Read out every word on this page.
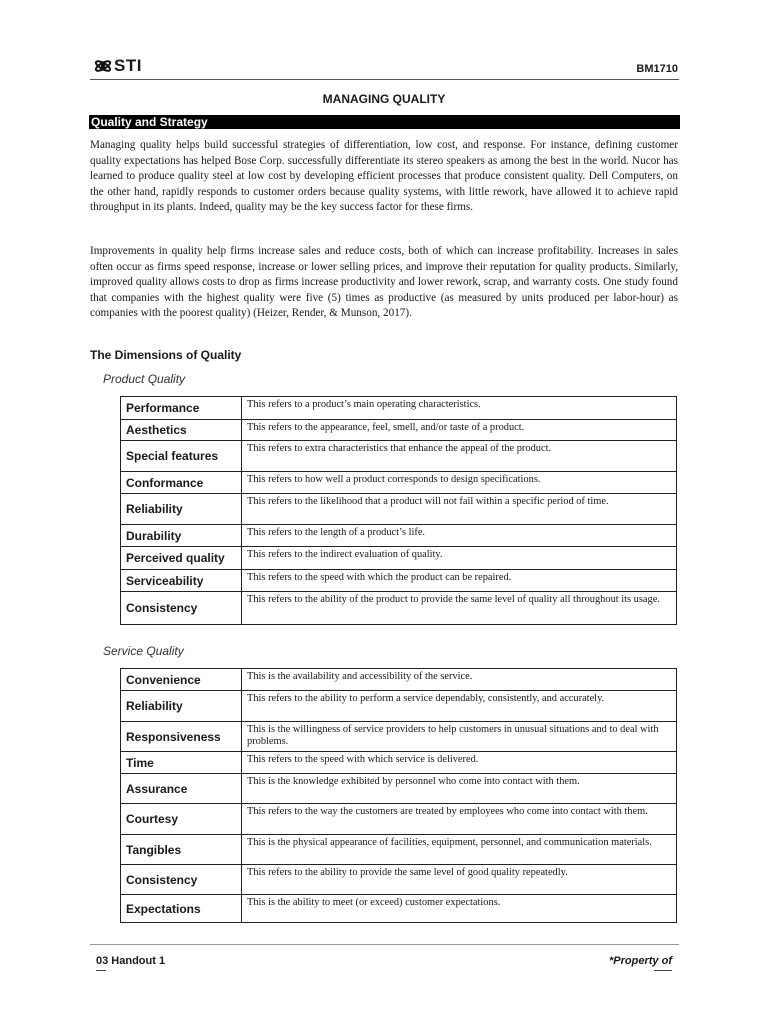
STI	BM1710
MANAGING QUALITY
Quality and Strategy

Managing quality helps build successful strategies of differentiation, low cost, and response. For instance, defining customer quality expectations has helped Bose Corp. successfully differentiate its stereo speakers as among the best in the world. Nucor has learned to produce quality steel at low cost by developing efficient processes that produce consistent quality. Dell Computers, on the other hand, rapidly responds to customer orders because quality systems, with little rework, have allowed it to achieve rapid throughput in its plants. Indeed, quality may be the key success factor for these firms.

Improvements in quality help firms increase sales and reduce costs, both of which can increase profitability. Increases in sales often occur as firms speed response, increase or lower selling prices, and improve their reputation for quality products. Similarly, improved quality allows costs to drop as firms increase productivity and lower rework, scrap, and warranty costs. One study found that companies with the highest quality were five (5) times as productive (as measured by units produced per labor-hour) as companies with the poorest quality) (Heizer, Render, & Munson, 2017).

The Dimensions of Quality
Product Quality
Performance	This refers to a product’s main operating characteristics.
Aesthetics	This refers to the appearance, feel, smell, and/or taste of a product.
Special features	This refers to extra characteristics that enhance the appeal of the product.
Conformance	This refers to how well a product corresponds to design specifications.
Reliability	This refers to the likelihood that a product will not fail within a specific period of time.
Durability	This refers to the length of a product’s life.
Perceived quality	This refers to the indirect evaluation of quality.
Serviceability	This refers to the speed with which the product can be repaired.
Consistency	This refers to the ability of the product to provide the same level of quality all throughout its usage.
Service Quality
Convenience	This is the availability and accessibility of the service.
Reliability	This refers to the ability to perform a service dependably, consistently, and accurately.
Responsiveness	This is the willingness of service providers to help customers in unusual situations and to deal with problems.
Time	This refers to the speed with which service is delivered.
Assurance	This is the knowledge exhibited by personnel who come into contact with them.
Courtesy	This refers to the way the customers are treated by employees who come into contact with them.
Tangibles	This is the physical appearance of facilities, equipment, personnel, and communication materials.
Consistency	This refers to the ability to provide the same level of good quality repeatedly.
Expectations	This is the ability to meet (or exceed) customer expectations.
03 Handout 1	*Property of
